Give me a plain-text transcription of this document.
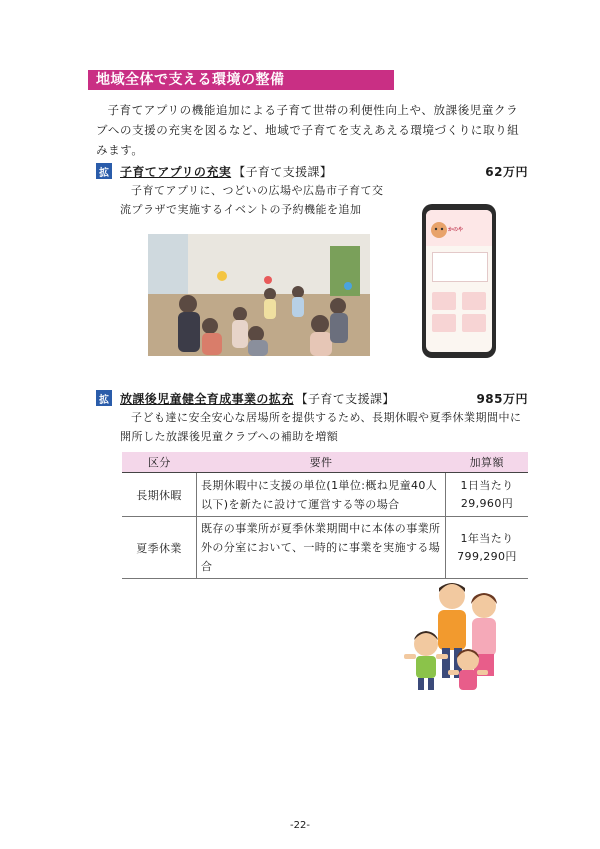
地域全体で支える環境の整備
子育てアプリの機能追加による子育て世帯の利便性向上や、放課後児童クラブへの支援の充実を図るなど、地域で子育てを支えあえる環境づくりに取り組みます。
拡 子育てアプリの充実 【子育て支援課】	62万円
子育てアプリに、つどいの広場や広島市子育て交流プラザで実施するイベントの予約機能を追加
かのや
拡 放課後児童健全育成事業の拡充 【子育て支援課】	985万円
子ども達に安全安心な居場所を提供するため、長期休暇や夏季休業期間中に開所した放課後児童クラブへの補助を増額
区分	要件	加算額
長期休暇	長期休暇中に支援の単位(1単位:概ね児童40人以下)を新たに設けて運営する等の場合	1日当たり
29,960円

夏季休業	既存の事業所が夏季休業期間中に本体の事業所外の分室において、一時的に事業を実施する場合	1年当たり
799,290円
-22-
